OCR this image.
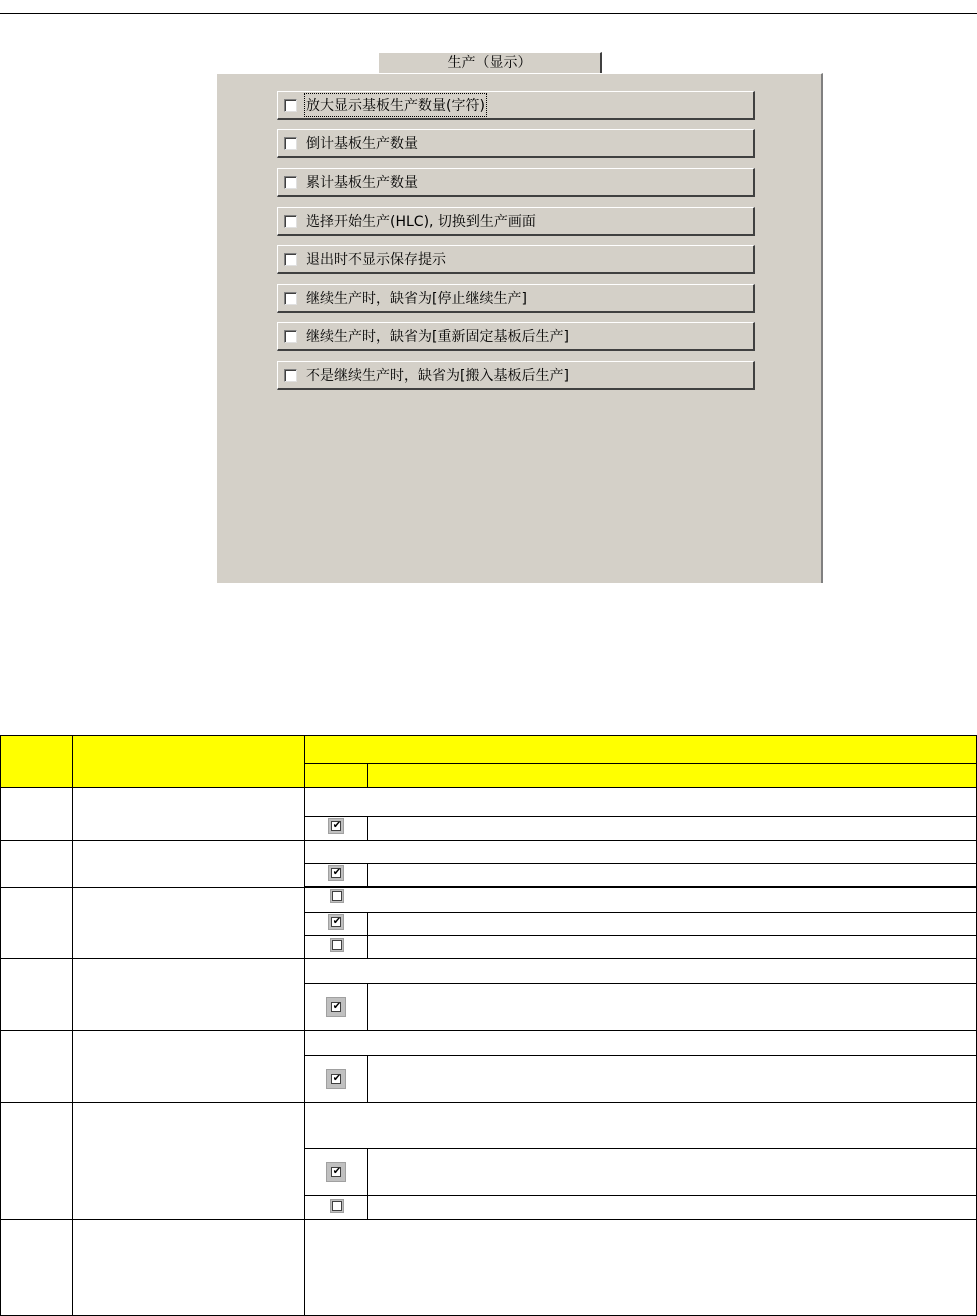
生产（显示）
放大显示基板生产数量(字符)
倒计基板生产数量
累计基板生产数量
选择开始生产(HLC), 切换到生产画面
退出时不显示保存提示
继续生产时，缺省为[停止继续生产]
继续生产时，缺省为[重新固定基板后生产]
不是继续生产时，缺省为[搬入基板后生产]
✔
✔
✔
✔
✔
✔
